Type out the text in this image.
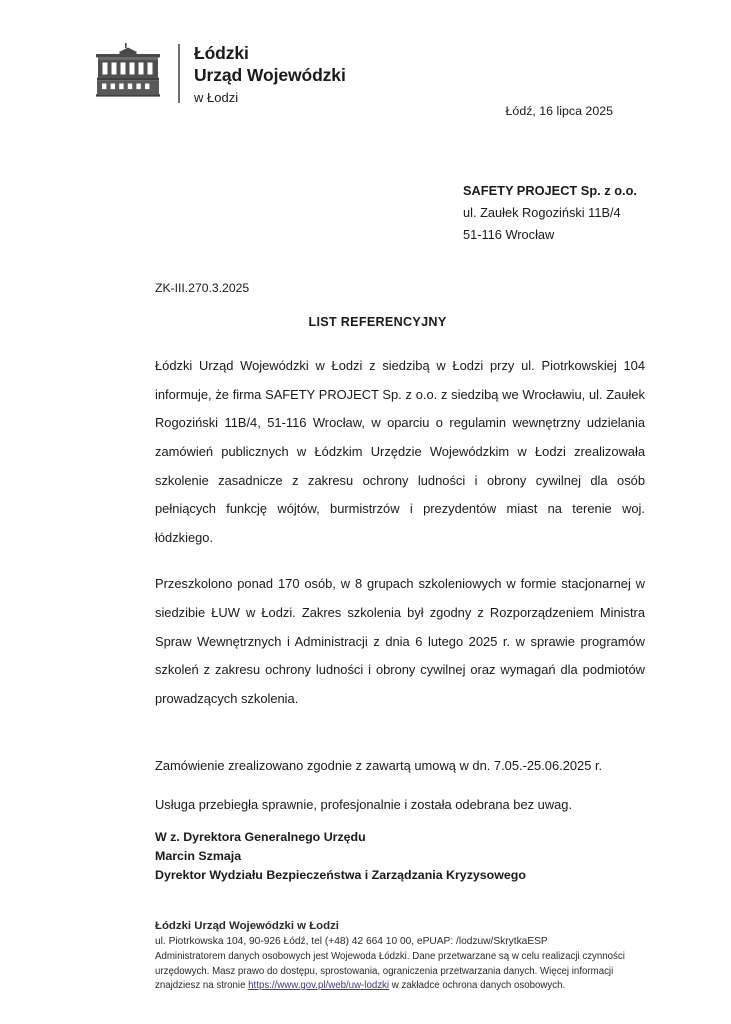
Łódzki
Urząd Wojewódzki
w Łodzi
Łódź, 16 lipca 2025
SAFETY PROJECT Sp. z o.o.
ul. Zaułek Rogoziński 11B/4
51-116 Wrocław
ZK-III.270.3.2025
LIST REFERENCYJNY

Łódzki Urząd Wojewódzki w Łodzi z siedzibą w Łodzi przy ul. Piotrkowskiej 104 informuje, że firma SAFETY PROJECT Sp. z o.o. z siedzibą we Wrocławiu, ul. Zaułek Rogoziński 11B/4, 51-116 Wrocław, w oparciu o regulamin wewnętrzny udzielania zamówień publicznych w Łódzkim Urzędzie Wojewódzkim w Łodzi zrealizowała szkolenie zasadnicze z zakresu ochrony ludności i obrony cywilnej dla osób pełniących funkcję wójtów, burmistrzów i prezydentów miast na terenie woj. łódzkiego.

Przeszkolono ponad 170 osób, w 8 grupach szkoleniowych w formie stacjonarnej w siedzibie ŁUW w Łodzi. Zakres szkolenia był zgodny z Rozporządzeniem Ministra Spraw Wewnętrznych i Administracji z dnia 6 lutego 2025 r. w sprawie programów szkoleń z zakresu ochrony ludności i obrony cywilnej oraz wymagań dla podmiotów prowadzących szkolenia.

Zamówienie zrealizowano zgodnie z zawartą umową w dn. 7.05.-25.06.2025 r.

Usługa przebiegła sprawnie, profesjonalnie i została odebrana bez uwag.

W z. Dyrektora Generalnego Urzędu
Marcin Szmaja
Dyrektor Wydziału Bezpieczeństwa i Zarządzania Kryzysowego
Łódzki Urząd Wojewódzki w Łodzi
ul. Piotrkowska 104, 90-926 Łódź, tel (+48) 42 664 10 00, ePUAP: /lodzuw/SkrytkaESP
Administratorem danych osobowych jest Wojewoda Łódzki. Dane przetwarzane są w celu realizacji czynności urzędowych. Masz prawo do dostępu, sprostowania, ograniczenia przetwarzania danych. Więcej informacji znajdziesz na stronie https://www.gov.pl/web/uw-lodzki w zakładce ochrona danych osobowych.
